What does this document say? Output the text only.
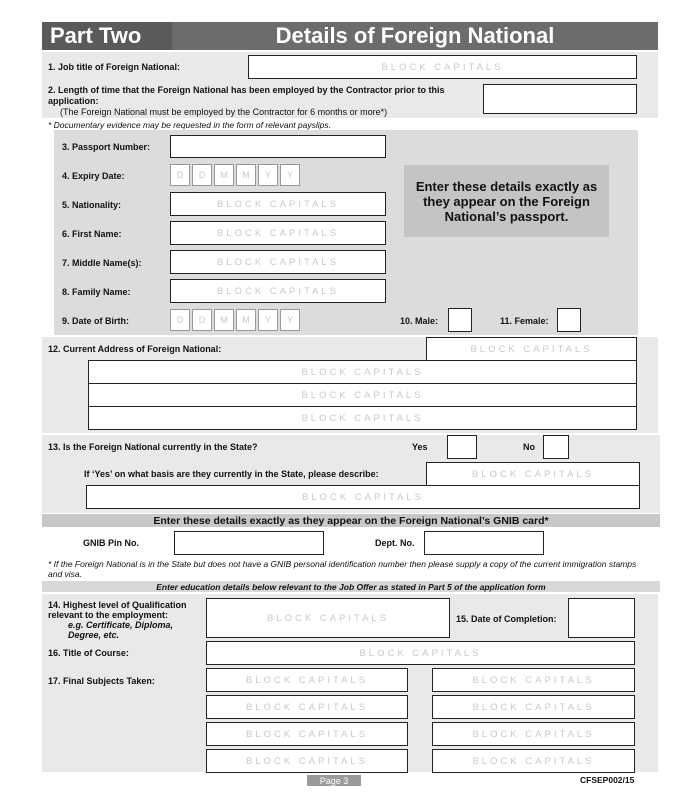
Part Two	Details of Foreign National
1. Job title of Foreign National:	BLOCK CAPITALS
2. Length of time that the Foreign National has been employed by the Contractor prior to this application:
(The Foreign National must be employed by the Contractor for 6 months or more*)
* Documentary evidence may be requested in the form of relevant payslips.
3. Passport Number:
4. Expiry Date:	D	D	M	M	Y	Y
5. Nationality:	BLOCK CAPITALS
6. First Name:	BLOCK CAPITALS
7. Middle Name(s):	BLOCK CAPITALS
8. Family Name:	BLOCK CAPITALS
Enter these details exactly as they appear on the Foreign National’s passport.
9. Date of Birth:	D	D	M	M	Y	Y	10. Male:	11. Female:
12. Current Address of Foreign National:	BLOCK CAPITALS
BLOCK CAPITALS
BLOCK CAPITALS
BLOCK CAPITALS
13. Is the Foreign National currently in the State?	Yes	No
If ‘Yes’ on what basis are they currently in the State, please describe:	BLOCK CAPITALS
BLOCK CAPITALS
Enter these details exactly as they appear on the Foreign National’s GNIB card*
GNIB Pin No.	Dept. No.
* If the Foreign National is in the State but does not have a GNIB personal identification number then please supply a copy of the current immigration stamps and visa.
Enter education details below relevant to the Job Offer as stated in Part 5 of the application form
14. Highest level of Qualification relevant to the employment:
e.g. Certificate, Diploma, Degree, etc.
BLOCK CAPITALS	15. Date of Completion:
16. Title of Course:	BLOCK CAPITALS
17. Final Subjects Taken:	BLOCK CAPITALS	BLOCK CAPITALS
BLOCK CAPITALS	BLOCK CAPITALS
BLOCK CAPITALS	BLOCK CAPITALS
BLOCK CAPITALS	BLOCK CAPITALS
Page 3	CFSEP002/15
